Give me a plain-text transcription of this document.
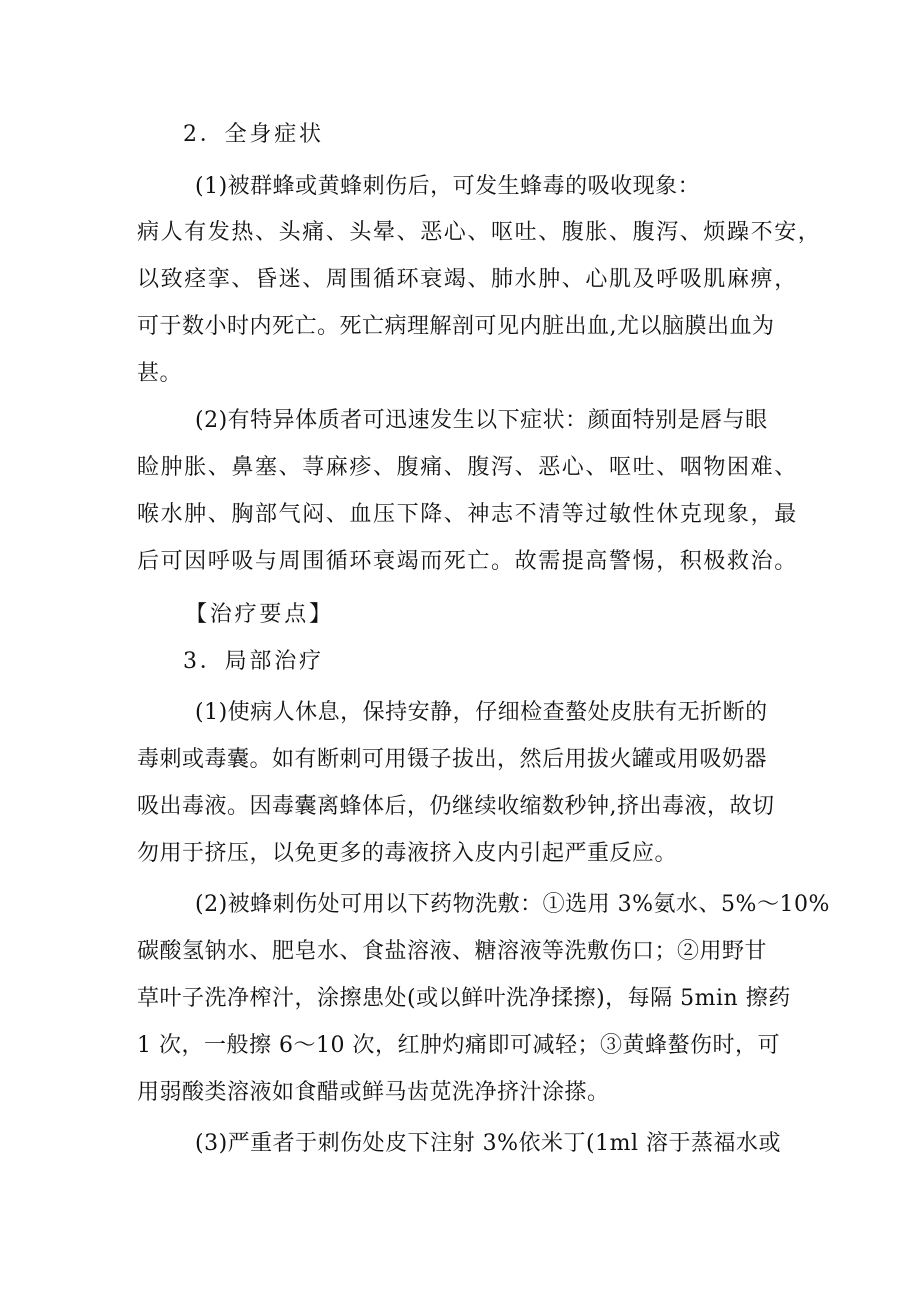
2．全身症状
(1)被群蜂或黄蜂刺伤后，可发生蜂毒的吸收现象：
病人有发热、头痛、头晕、恶心、呕吐、腹胀、腹泻、烦躁不安，
以致痉挛、昏迷、周围循环衰竭、肺水肿、心肌及呼吸肌麻痹，
可于数小时内死亡。死亡病理解剖可见内脏出血,尤以脑膜出血为
甚。
(2)有特异体质者可迅速发生以下症状：颜面特别是唇与眼
睑肿胀、鼻塞、荨麻疹、腹痛、腹泻、恶心、呕吐、咽物困难、
喉水肿、胸部气闷、血压下降、神志不清等过敏性休克现象，最
后可因呼吸与周围循环衰竭而死亡。故需提高警惕，积极救治。
【治疗要点】
3．局部治疗
(1)使病人休息，保持安静，仔细检查螯处皮肤有无折断的
毒刺或毒囊。如有断刺可用镊子拔出，然后用拔火罐或用吸奶器
吸出毒液。因毒囊离蜂体后，仍继续收缩数秒钟,挤出毒液，故切
勿用于挤压，以免更多的毒液挤入皮内引起严重反应。
(2)被蜂刺伤处可用以下药物洗敷：①选用 3%氨水、5%～10%
碳酸氢钠水、肥皂水、食盐溶液、糖溶液等洗敷伤口；②用野甘
草叶子洗净榨汁，涂擦患处(或以鲜叶洗净揉擦)，每隔 5min 擦药
1 次，一般擦 6～10 次，红肿灼痛即可减轻；③黄蜂螯伤时，可
用弱酸类溶液如食醋或鲜马齿苋洗净挤汁涂搽。
(3)严重者于刺伤处皮下注射 3%依米丁(1ml 溶于蒸福水或
